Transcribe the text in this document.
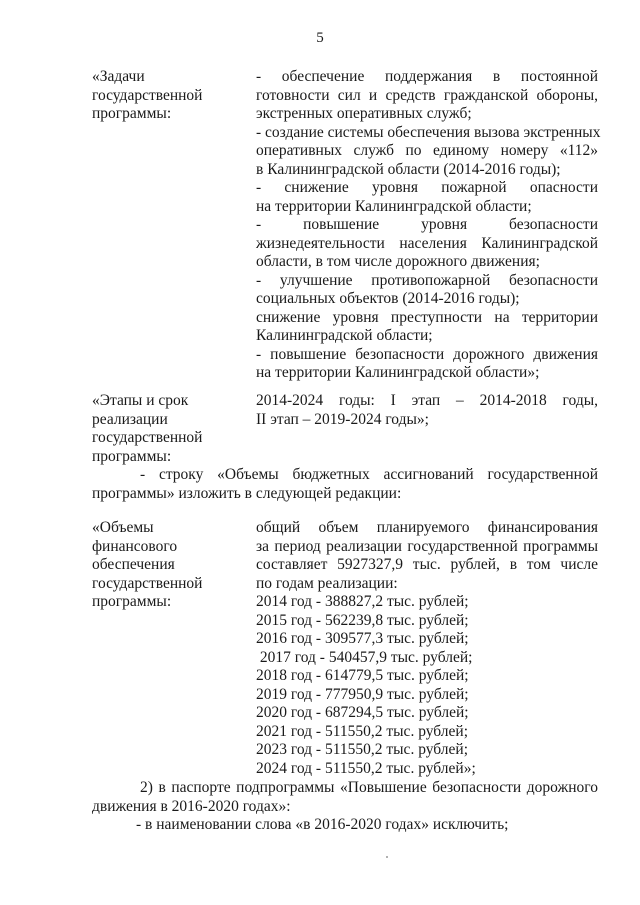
5
«Задачи
государственной
программы:
- обеспечение поддержания в постоянной
готовности сил и средств гражданской обороны,
экстренных оперативных служб;
- создание системы обеспечения вызова экстренных
оперативных служб по единому номеру «112»
в Калининградской области (2014-2016 годы);
- снижение уровня пожарной опасности
на территории Калининградской области;
- повышение уровня безопасности
жизнедеятельности населения Калининградской
области, в том числе дорожного движения;
- улучшение противопожарной безопасности
социальных объектов (2014-2016 годы);
снижение уровня преступности на территории
Калининградской области;
- повышение безопасности дорожного движения
на территории Калининградской области»;
«Этапы и срок
реализации
государственной
программы:
2014-2024 годы: I этап – 2014-2018 годы,
II этап – 2019-2024 годы»;
- строку «Объемы бюджетных ассигнований государственной
программы» изложить в следующей редакции:
«Объемы
финансового
обеспечения
государственной
программы:
общий объем планируемого финансирования
за период реализации государственной программы
составляет 5927327,9 тыс. рублей, в том числе
по годам реализации:
2014 год - 388827,2 тыс. рублей;
2015 год - 562239,8 тыс. рублей;
2016 год - 309577,3 тыс. рублей;
2017 год - 540457,9 тыс. рублей;
2018 год - 614779,5 тыс. рублей;
2019 год - 777950,9 тыс. рублей;
2020 год - 687294,5 тыс. рублей;
2021 год - 511550,2 тыс. рублей;
2023 год - 511550,2 тыс. рублей;
2024 год - 511550,2 тыс. рублей»;
2) в паспорте подпрограммы «Повышение безопасности дорожного
движения в 2016-2020 годах»:
- в наименовании слова «в 2016-2020 годах» исключить;
